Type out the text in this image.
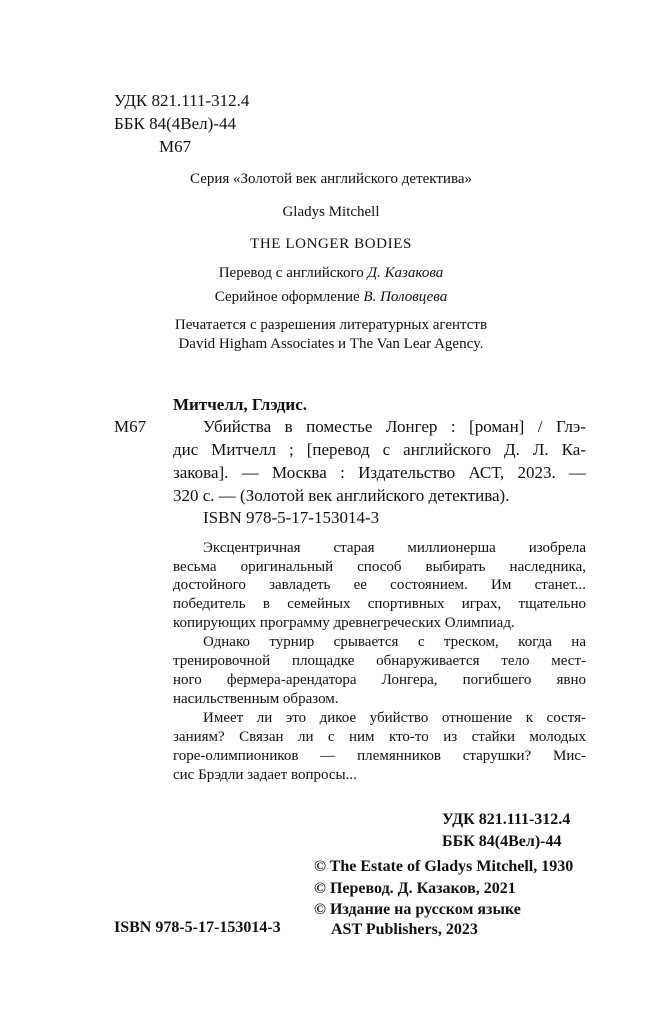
УДК 821.111-312.4
ББК 84(4Вел)-44
М67
Серия «Золотой век английского детектива»
Gladys Mitchell
THE LONGER BODIES
Перевод с английского Д. Казакова
Серийное оформление В. Половцева
Печатается с разрешения литературных агентств
David Higham Associates и The Van Lear Agency.
Митчелл, Глэдис.
М67	Убийства в поместье Лонгер : [роман] / Глэ-
дис Митчелл ; [перевод с английского Д. Л. Ка-
закова]. — Москва : Издательство АСТ, 2023. —
320 с. — (Золотой век английского детектива).
ISBN 978-5-17-153014-3
Эксцентричная старая миллионерша изобрела
весьма оригинальный способ выбирать наследника,
достойного завладеть ее состоянием. Им станет...
победитель в семейных спортивных играх, тщательно
копирующих программу древнегреческих Олимпиад.
Однако турнир срывается с треском, когда на
тренировочной площадке обнаруживается тело мест-
ного фермера-арендатора Лонгера, погибшего явно
насильственным образом.
Имеет ли это дикое убийство отношение к состя-
заниям? Связан ли с ним кто-то из стайки молодых
горе-олимпиоников — племянников старушки? Мис-
сис Брэдли задает вопросы...
УДК 821.111-312.4
ББК 84(4Вел)-44
© The Estate of Gladys Mitchell, 1930
© Перевод. Д. Казаков, 2021
© Издание на русском языке
AST Publishers, 2023
ISBN 978-5-17-153014-3
